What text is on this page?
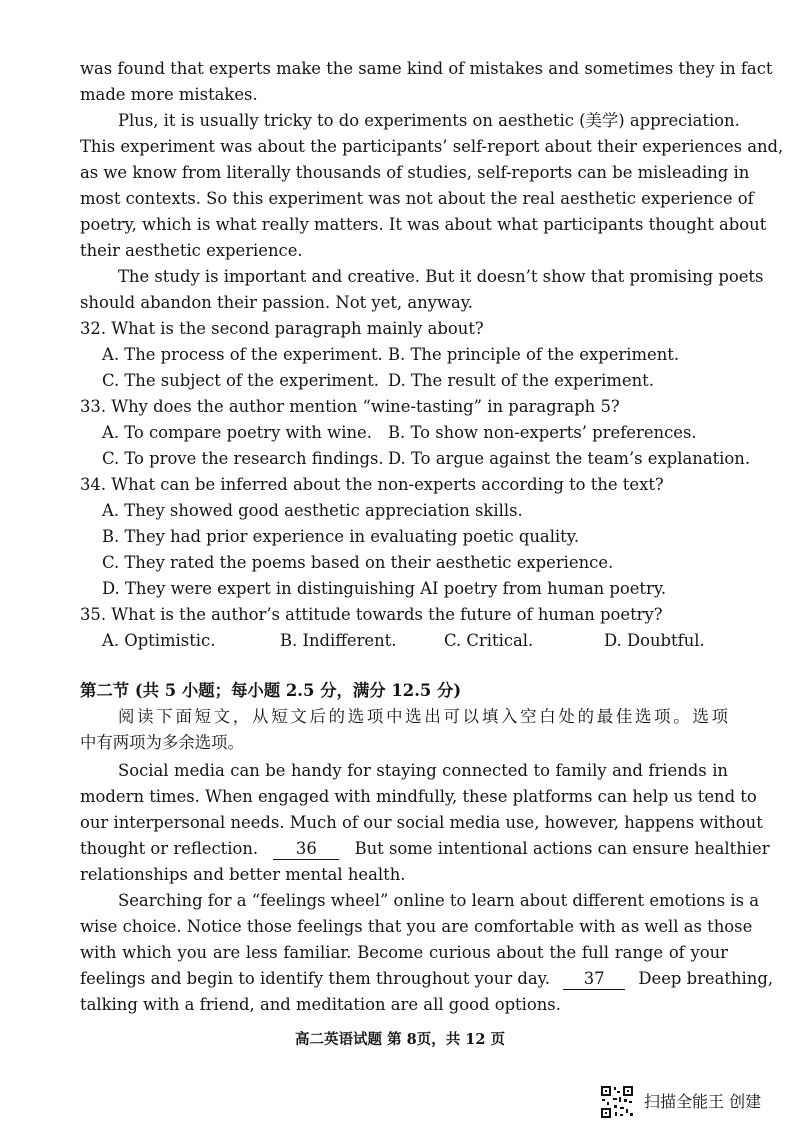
was found that experts make the same kind of mistakes and sometimes they in fact
made more mistakes.
Plus, it is usually tricky to do experiments on aesthetic (美学) appreciation.
This experiment was about the participants’ self-report about their experiences and,
as we know from literally thousands of studies, self-reports can be misleading in
most contexts. So this experiment was not about the real aesthetic experience of
poetry, which is what really matters. It was about what participants thought about
their aesthetic experience.
The study is important and creative. But it doesn’t show that promising poets
should abandon their passion. Not yet, anyway.
32. What is the second paragraph mainly about?
A. The process of the experiment. B. The principle of the experiment.
C. The subject of the experiment. D. The result of the experiment.
33. Why does the author mention “wine-tasting” in paragraph 5?
A. To compare poetry with wine. B. To show non-experts’ preferences.
C. To prove the research findings. D. To argue against the team’s explanation.
34. What can be inferred about the non-experts according to the text?
A. They showed good aesthetic appreciation skills.
B. They had prior experience in evaluating poetic quality.
C. They rated the poems based on their aesthetic experience.
D. They were expert in distinguishing AI poetry from human poetry.
35. What is the author’s attitude towards the future of human poetry?
A. Optimistic.	B. Indifferent.	C. Critical.	D. Doubtful.
第二节 (共 5 小题；每小题 2.5 分，满分 12.5 分)
阅读下面短文，从短文后的选项中选出可以填入空白处的最佳选项。选项
中有两项为多余选项。
Social media can be handy for staying connected to family and friends in
modern times. When engaged with mindfully, these platforms can help us tend to
our interpersonal needs. Much of our social media use, however, happens without
thought or reflection. 36 But some intentional actions can ensure healthier
relationships and better mental health.
Searching for a “feelings wheel” online to learn about different emotions is a
wise choice. Notice those feelings that you are comfortable with as well as those
with which you are less familiar. Become curious about the full range of your
feelings and begin to identify them throughout your day. 37 Deep breathing,
talking with a friend, and meditation are all good options.
高二英语试题 第 8页，共 12 页
扫描全能王 创建
